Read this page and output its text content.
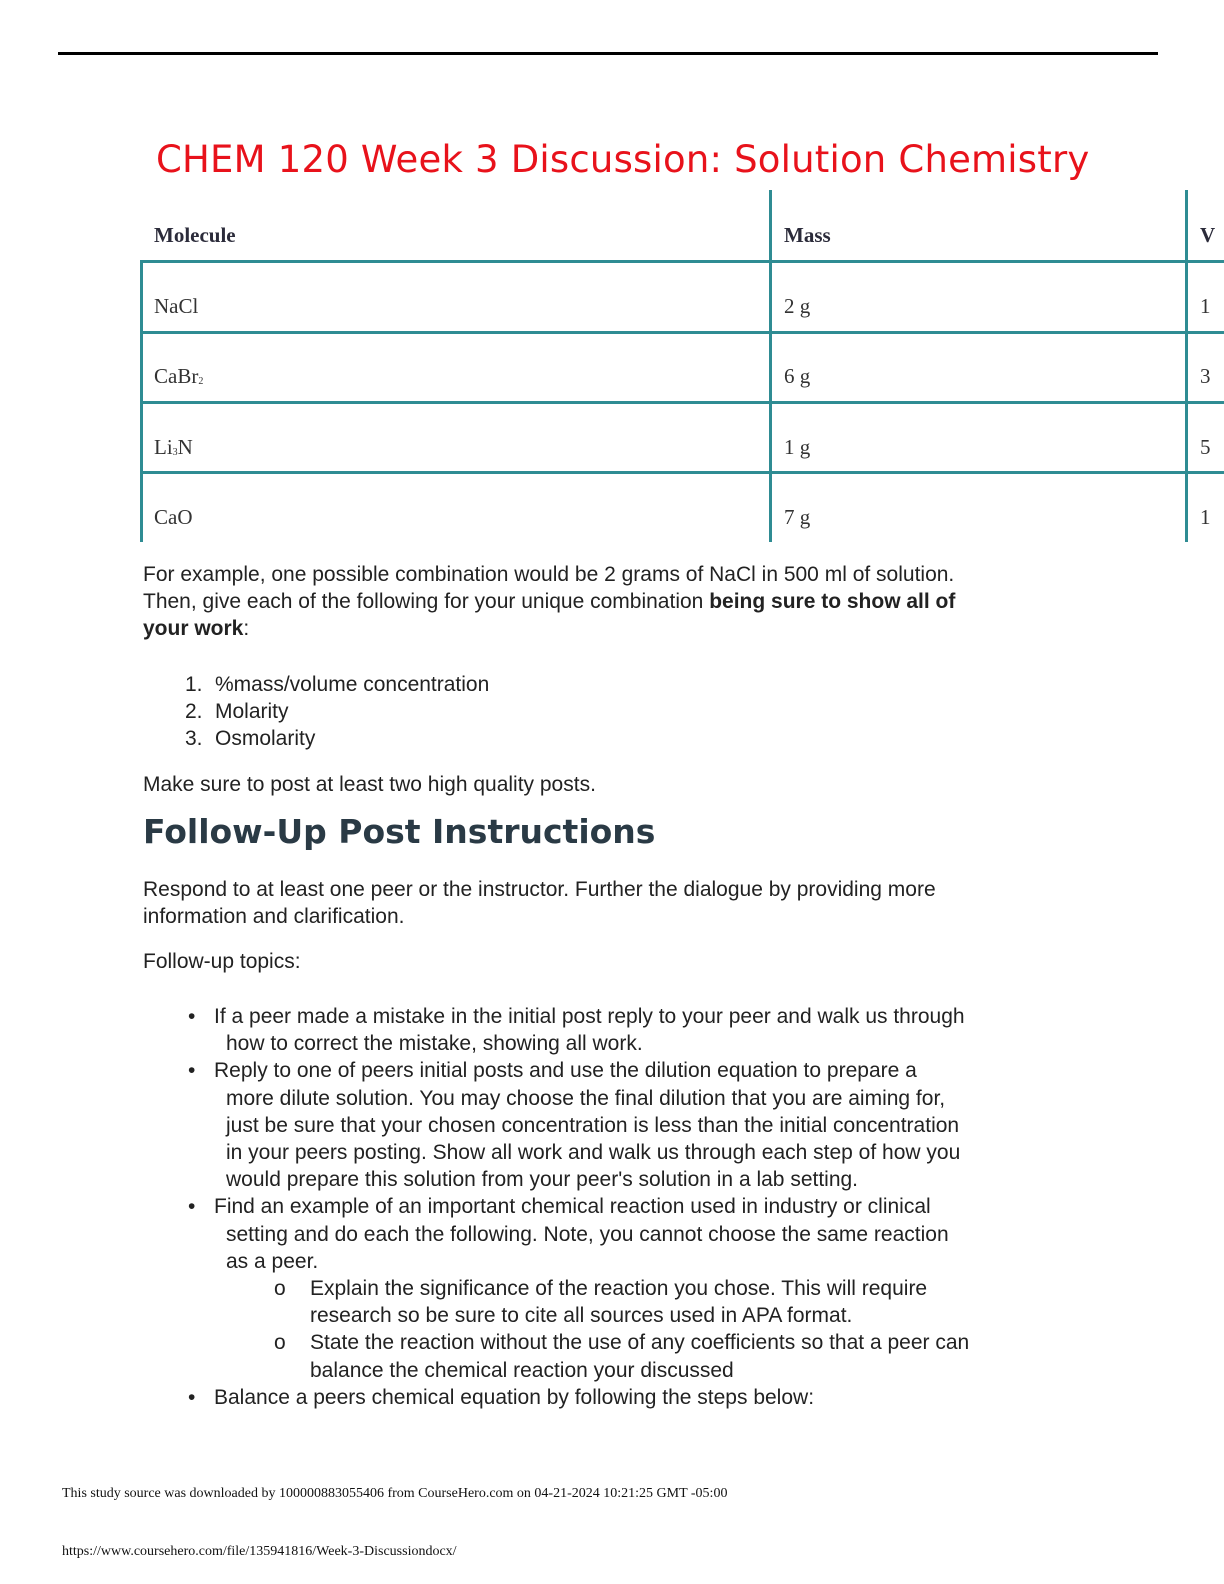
CHEM 120 Week 3 Discussion: Solution Chemistry
Molecule	Mass	V
NaCl	2 g	1
CaBr$_2$	6 g	3
$Li_3N$	1 g	5
CaO	7 g	1

For example, one possible combination would be 2 grams of NaCl in 500 ml of solution.
Then, give each of the following for your unique combination being sure to show all of
your work:

1. %mass/volume concentration
2. Molarity
3. Osmolarity

Make sure to post at least two high quality posts.

Follow-Up Post Instructions

Respond to at least one peer or the instructor. Further the dialogue by providing more
information and clarification.

Follow-up topics:

• If a peer made a mistake in the initial post reply to your peer and walk us through
how to correct the mistake, showing all work.
• Reply to one of peers initial posts and use the dilution equation to prepare a
more dilute solution. You may choose the final dilution that you are aiming for,
just be sure that your chosen concentration is less than the initial concentration
in your peers posting. Show all work and walk us through each step of how you
would prepare this solution from your peer's solution in a lab setting.
• Find an example of an important chemical reaction used in industry or clinical
setting and do each the following. Note, you cannot choose the same reaction
as a peer.
o Explain the significance of the reaction you chose. This will require
research so be sure to cite all sources used in APA format.
o State the reaction without the use of any coefficients so that a peer can
balance the chemical reaction your discussed
• Balance a peers chemical equation by following the steps below:

This study source was downloaded by 100000883055406 from CourseHero.com on 04-21-2024 10:21:25 GMT -05:00

https://www.coursehero.com/file/135941816/Week-3-Discussiondocx/
